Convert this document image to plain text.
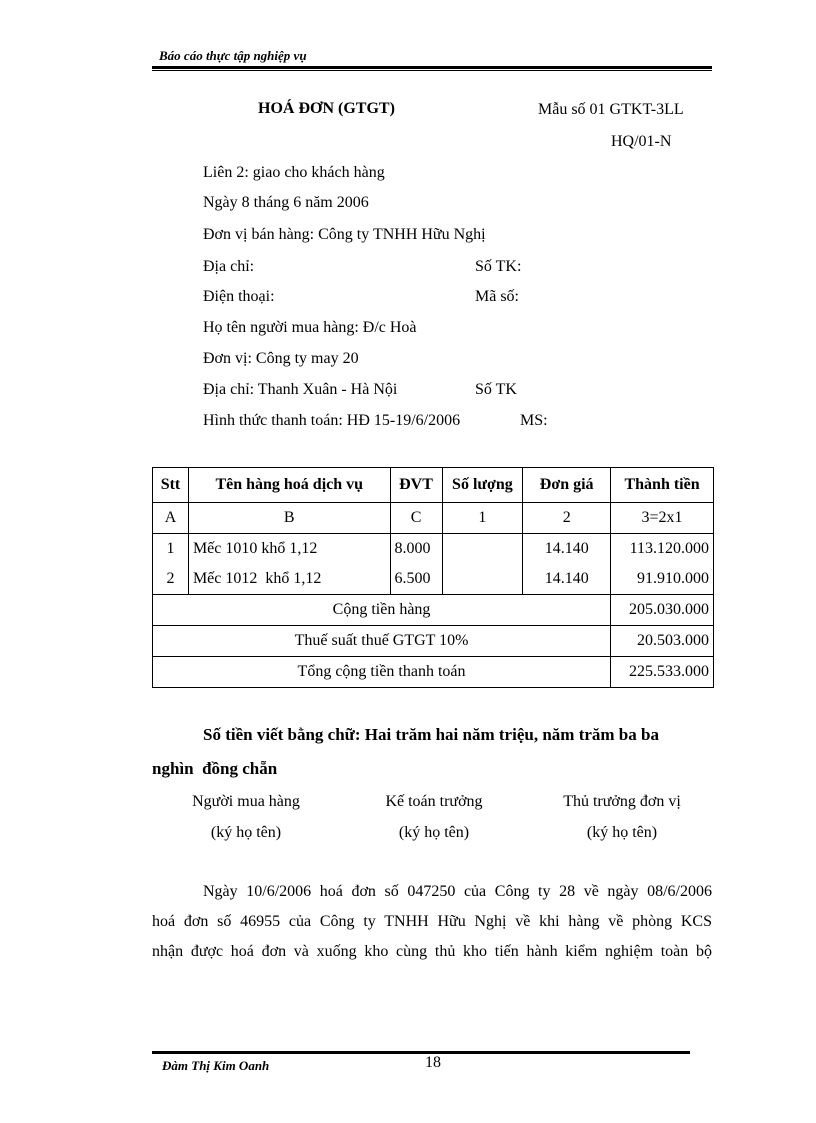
Báo cáo thực tập nghiệp vụ
HOÁ ĐƠN (GTGT)	Mẫu số 01 GTKT-3LL
HQ/01-N
Liên 2: giao cho khách hàng
Ngày 8 tháng 6 năm 2006
Đơn vị bán hàng: Công ty TNHH Hữu Nghị
Địa chỉ:	Số TK:
Điện thoại:	Mã số:
Họ tên người mua hàng: Đ/c Hoà
Đơn vị: Công ty may 20
Địa chỉ: Thanh Xuân - Hà Nội	Số TK
Hình thức thanh toán: HĐ 15-19/6/2006	MS:
Stt	Tên hàng hoá dịch vụ	ĐVT	Số lượng	Đơn giá	Thành tiền
A	B	C	1	2	3=2x1
1	Mếc 1010 khổ 1,12	8.000		14.140	113.120.000
2	Mếc 1012  khổ 1,12	6.500		14.140	91.910.000
Cộng tiền hàng					205.030.000
Thuế suất thuế GTGT 10%					20.503.000
Tổng cộng tiền thanh toán					225.533.000
Số tiền viết bằng chữ: Hai trăm hai năm triệu, năm trăm ba ba
nghìn  đồng chẵn
Người mua hàng
(ký họ tên)
Kế toán trưởng
(ký họ tên)
Thủ trưởng đơn vị
(ký họ tên)
Ngày 10/6/2006 hoá đơn số 047250 của Công ty 28 về ngày 08/6/2006
hoá đơn số 46955 của Công ty TNHH Hữu Nghị về khi hàng về phòng KCS
nhận được hoá đơn và xuống kho cùng thủ kho tiến hành kiểm nghiệm toàn bộ
Đàm Thị Kim Oanh	18
